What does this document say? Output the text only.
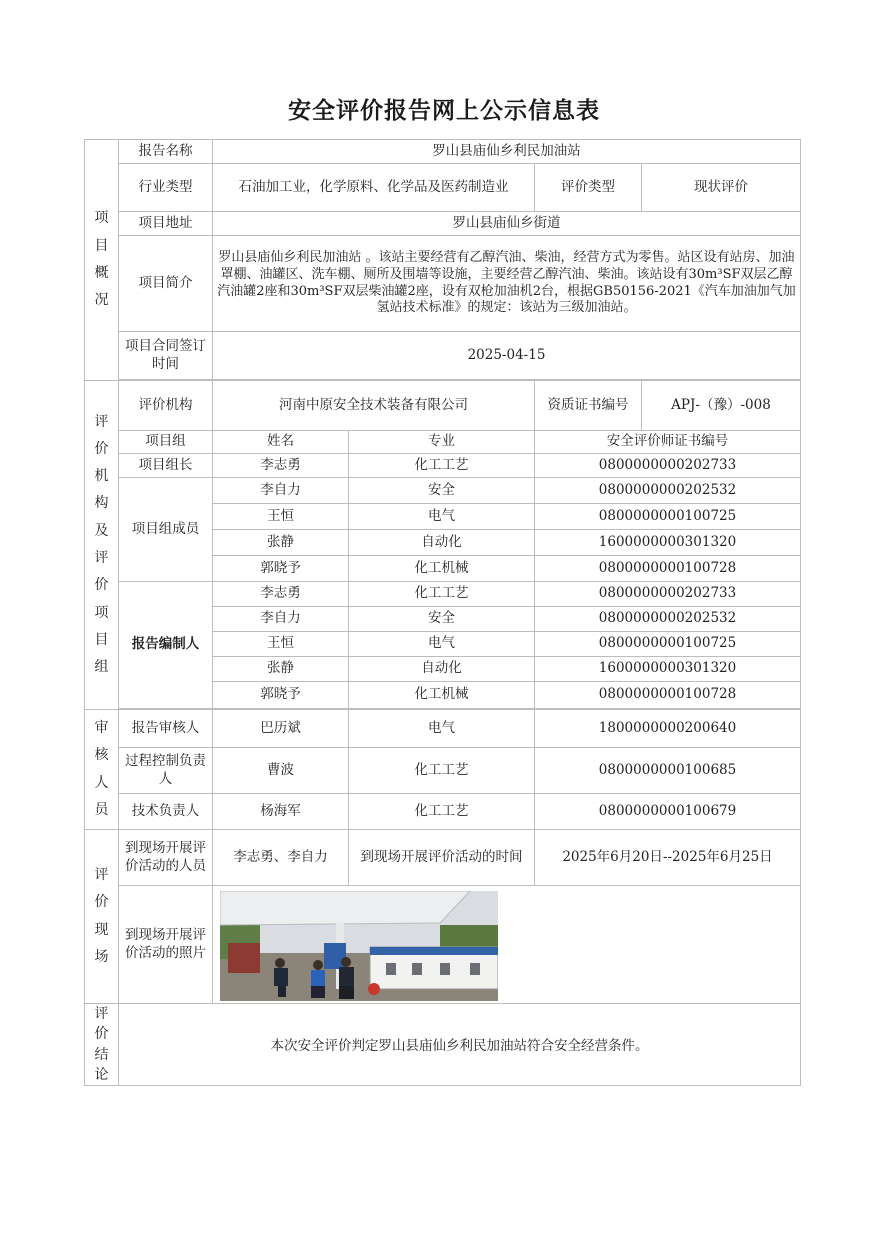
安全评价报告网上公示信息表
项目概况	报告名称	罗山县庙仙乡利民加油站			
	行业类型	石油加工业，化学原料、化学品及医药制造业		评价类型	现状评价
	项目地址	罗山县庙仙乡街道			
	项目简介	罗山县庙仙乡利民加油站 。该站主要经营有乙醇汽油、柴油，经营方式为零售。站区设有站房、加油罩棚、油罐区、洗车棚、厕所及围墙等设施，主要经营乙醇汽油、柴油。该站设有30m³SF双层乙醇汽油罐2座和30m³SF双层柴油罐2座，设有双枪加油机2台，根据GB50156-2021《汽车加油加气加氢站技术标准》的规定：该站为三级加油站。			
	项目合同签订时间	2025-04-15			

评价机构及评价项目组	评价机构	河南中原安全技术装备有限公司		资质证书编号	APJ-（豫）-008
	项目组	姓名	专业	安全评价师证书编号	
	项目组长	李志勇	化工工艺	0800000000202733	
	项目组成员	李自力	安全	0800000000202532	
		王恒	电气	0800000000100725	
		张静	自动化	1600000000301320	
		郭晓予	化工机械	0800000000100728	
	报告编制人	李志勇	化工工艺	0800000000202733	
		李自力	安全	0800000000202532	
		王恒	电气	0800000000100725	
		张静	自动化	1600000000301320	
		郭晓予	化工机械	0800000000100728	

审核人员	报告审核人	巴历斌	电气	1800000000200640	
	过程控制负责人	曹波	化工工艺	0800000000100685	
	技术负责人	杨海军	化工工艺	0800000000100679	

评价现场	到现场开展评价活动的人员	李志勇、李自力	到现场开展评价活动的时间	2025年6月20日--2025年6月25日	
	到现场开展评价活动的照片	

评价结论	本次安全评价判定罗山县庙仙乡利民加油站符合安全经营条件。				
